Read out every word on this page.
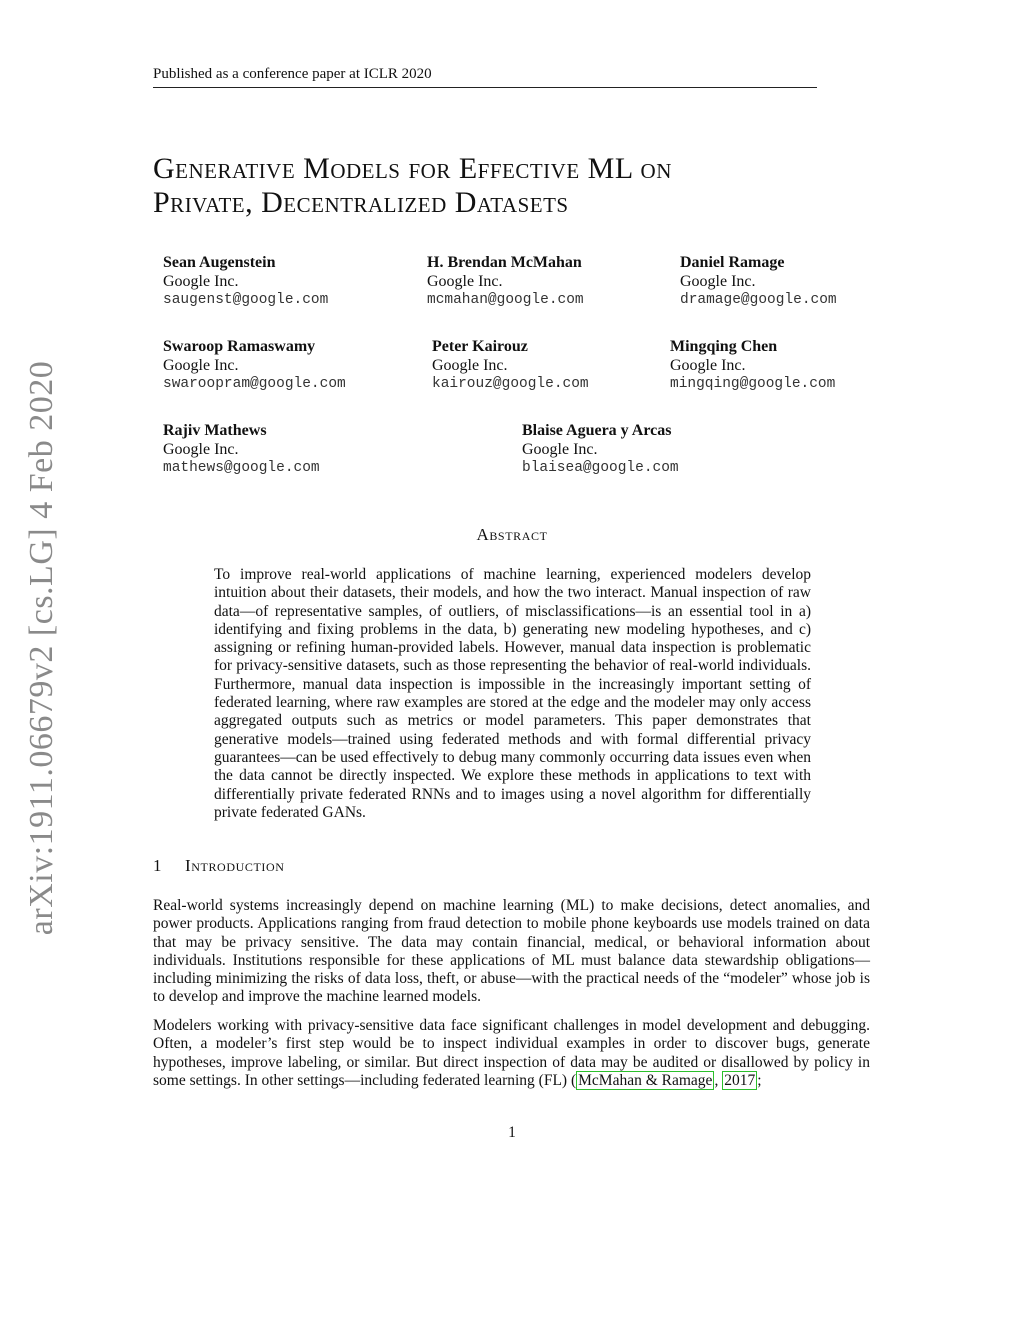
Published as a conference paper at ICLR 2020
arXiv:1911.06679v2 [cs.LG] 4 Feb 2020
Generative Models for Effective ML on
Private, Decentralized Datasets
Sean Augenstein
Google Inc.
saugenst@google.com
H. Brendan McMahan
Google Inc.
mcmahan@google.com
Daniel Ramage
Google Inc.
dramage@google.com
Swaroop Ramaswamy
Google Inc.
swaroopram@google.com
Peter Kairouz
Google Inc.
kairouz@google.com
Mingqing Chen
Google Inc.
mingqing@google.com
Rajiv Mathews
Google Inc.
mathews@google.com
Blaise Aguera y Arcas
Google Inc.
blaisea@google.com
Abstract
To improve real-world applications of machine learning, experienced modelers develop intuition about their datasets, their models, and how the two interact. Manual inspection of raw data—of representative samples, of outliers, of misclassifications—is an essential tool in a) identifying and fixing problems in the data, b) generating new modeling hypotheses, and c) assigning or refining human-provided labels. However, manual data inspection is problematic for privacy-sensitive datasets, such as those representing the behavior of real-world individuals. Furthermore, manual data inspection is impossible in the increasingly important setting of federated learning, where raw examples are stored at the edge and the modeler may only access aggregated outputs such as metrics or model parameters. This paper demonstrates that generative models—trained using federated methods and with formal differential privacy guarantees—can be used effectively to debug many commonly occurring data issues even when the data cannot be directly inspected. We explore these methods in applications to text with differentially private federated RNNs and to images using a novel algorithm for differentially private federated GANs.
1 Introduction
Real-world systems increasingly depend on machine learning (ML) to make decisions, detect anomalies, and power products. Applications ranging from fraud detection to mobile phone keyboards use models trained on data that may be privacy sensitive. The data may contain financial, medical, or behavioral information about individuals. Institutions responsible for these applications of ML must balance data stewardship obligations—including minimizing the risks of data loss, theft, or abuse—with the practical needs of the “modeler” whose job is to develop and improve the machine learned models.
Modelers working with privacy-sensitive data face significant challenges in model development and debugging. Often, a modeler’s first step would be to inspect individual examples in order to discover bugs, generate hypotheses, improve labeling, or similar. But direct inspection of data may be audited or disallowed by policy in some settings. In other settings—including federated learning (FL) ( McMahan & Ramage , 2017 ;
1
